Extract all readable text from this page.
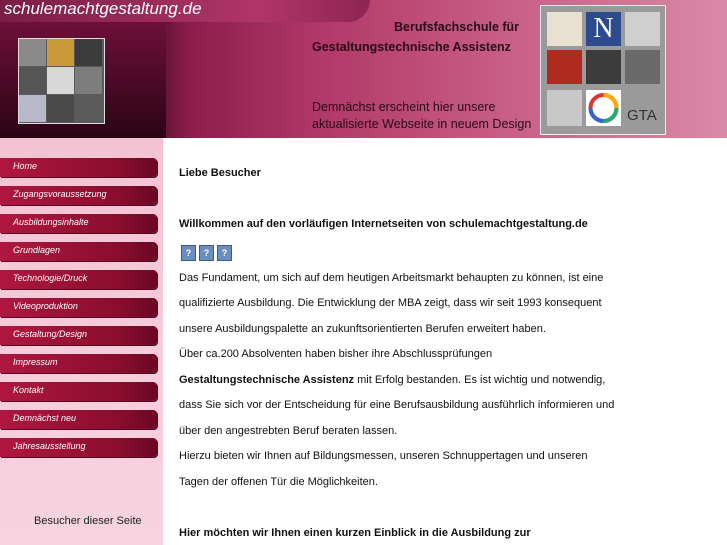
schulemachtgestaltung.de
Berufsfachschule für
Gestaltungstechnische Assistenz
Demnächst erscheint hier unsere
aktualisierte Webseite in neuem Design
N
GTA
Home
Zugangsvoraussetzung
Ausbildungsinhalte
Grundlagen
Technologie/Druck
Videoproduktion
Gestaltung/Design
Impressum
Kontakt
Demnächst neu
Jahresausstellung
Besucher dieser Seite
Liebe Besucher
Willkommen auf den vorläufigen Internetseiten von schulemachtgestaltung.de
?	?	?
Das Fundament, um sich auf dem heutigen Arbeitsmarkt behaupten zu können, ist eine
qualifizierte Ausbildung. Die Entwicklung der MBA zeigt, dass wir seit 1993 konsequent
unsere Ausbildungspalette an zukunftsorientierten Berufen erweitert haben.
Über ca.200 Absolventen haben bisher ihre Abschlussprüfungen
Gestaltungstechnische Assistenz mit Erfolg bestanden. Es ist wichtig und notwendig,
dass Sie sich vor der Entscheidung für eine Berufsausbildung ausführlich informieren und
über den angestrebten Beruf beraten lassen.
Hierzu bieten wir Ihnen auf Bildungsmessen, unseren Schnuppertagen und unseren
Tagen der offenen Tür die Möglichkeiten.
Hier möchten wir Ihnen einen kurzen Einblick in die Ausbildung zur
